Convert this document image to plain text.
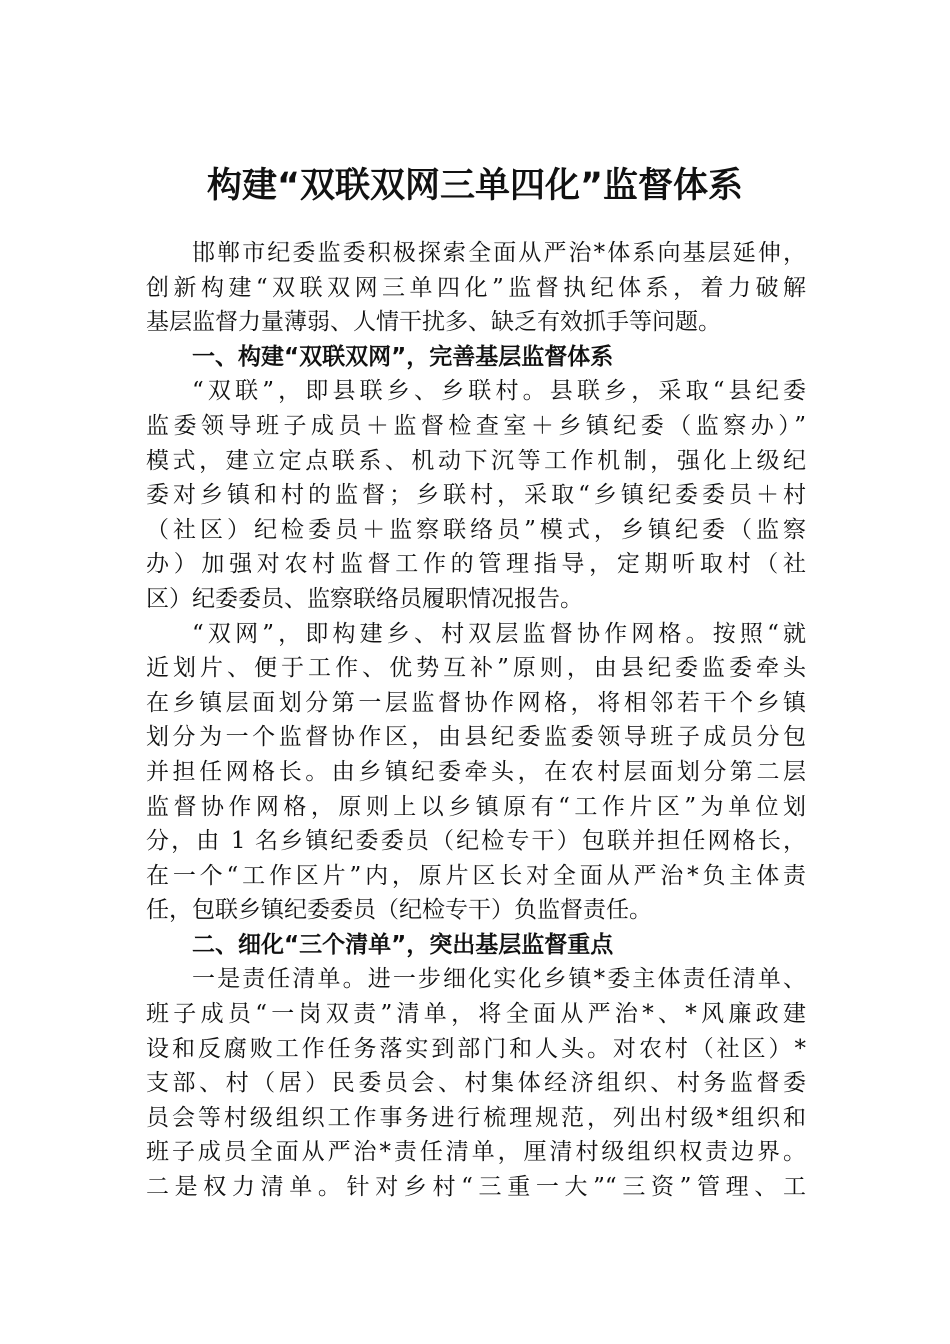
构建“双联双网三单四化”监督体系
邯郸市纪委监委积极探索全面从严治*体系向基层延伸，
创新构建“双联双网三单四化”监督执纪体系，着力破解
基层监督力量薄弱、人情干扰多、缺乏有效抓手等问题。
一、构建“双联双网”，完善基层监督体系
“双联”，即县联乡、乡联村。县联乡，采取“县纪委
监委领导班子成员＋监督检查室＋乡镇纪委（监察办）”
模式，建立定点联系、机动下沉等工作机制，强化上级纪
委对乡镇和村的监督；乡联村，采取“乡镇纪委委员＋村
（社区）纪检委员＋监察联络员”模式，乡镇纪委（监察
办）加强对农村监督工作的管理指导，定期听取村（社
区）纪委委员、监察联络员履职情况报告。
“双网”，即构建乡、村双层监督协作网格。按照“就
近划片、便于工作、优势互补”原则，由县纪委监委牵头
在乡镇层面划分第一层监督协作网格，将相邻若干个乡镇
划分为一个监督协作区，由县纪委监委领导班子成员分包
并担任网格长。由乡镇纪委牵头，在农村层面划分第二层
监督协作网格，原则上以乡镇原有“工作片区”为单位划
分，由 1 名乡镇纪委委员（纪检专干）包联并担任网格长，
在一个“工作区片”内，原片区长对全面从严治*负主体责
任，包联乡镇纪委委员（纪检专干）负监督责任。
二、细化“三个清单”，突出基层监督重点
一是责任清单。进一步细化实化乡镇*委主体责任清单、
班子成员“一岗双责”清单，将全面从严治*、*风廉政建
设和反腐败工作任务落实到部门和人头。对农村（社区）*
支部、村（居）民委员会、村集体经济组织、村务监督委
员会等村级组织工作事务进行梳理规范，列出村级*组织和
班子成员全面从严治*责任清单，厘清村级组织权责边界。
二是权力清单。针对乡村“三重一大”“三资”管理、工
